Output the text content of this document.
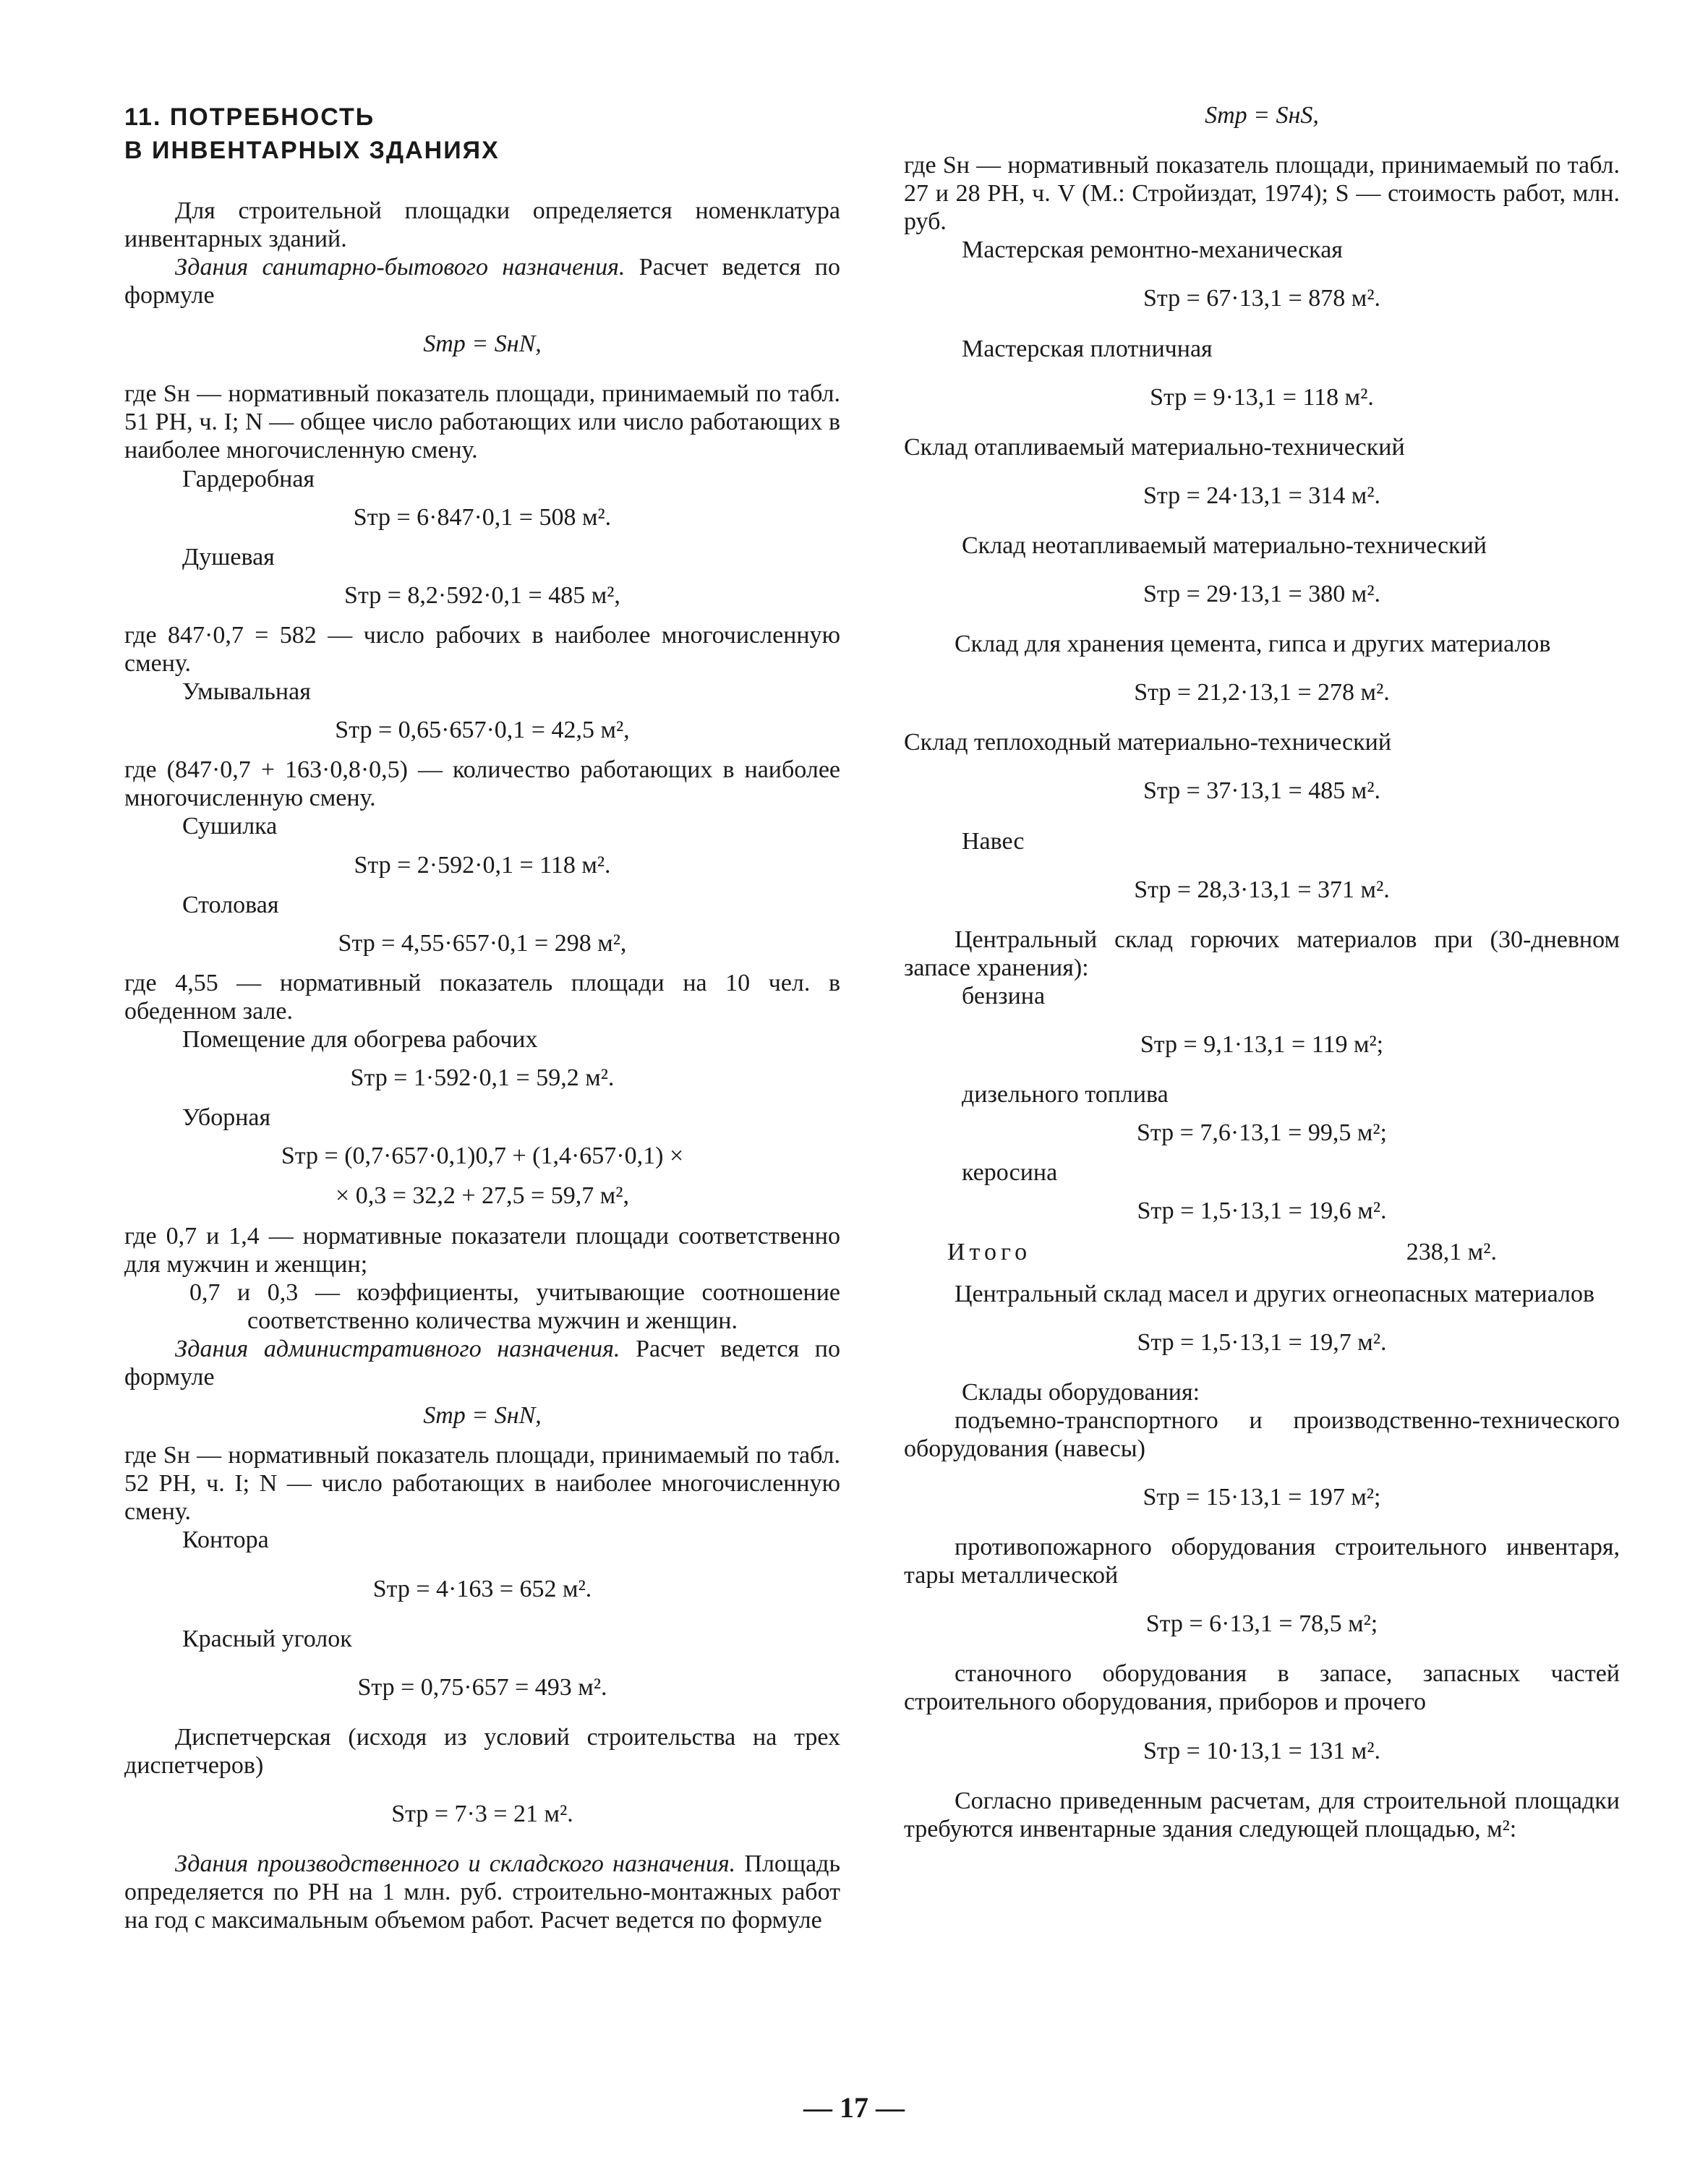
11. ПОТРЕБНОСТЬ
В ИНВЕНТАРНЫХ ЗДАНИЯХ

Для строительной площадки определяется номенклатура инвентарных зданий.

Здания санитарно-бытового назначения. Расчет ведется по формуле

Sтр = SнN,

где Sн — нормативный показатель площади, принимаемый по табл. 51 РН, ч. I; N — общее число работающих или число работающих в наиболее многочисленную смену.

Гардеробная

Sтр = 6·847·0,1 = 508 м².

Душевая

Sтр = 8,2·592·0,1 = 485 м²,

где 847·0,7 = 582 — число рабочих в наиболее многочисленную смену.

Умывальная

Sтр = 0,65·657·0,1 = 42,5 м²,

где (847·0,7 + 163·0,8·0,5) — количество работающих в наиболее многочисленную смену.

Сушилка

Sтр = 2·592·0,1 = 118 м².

Столовая

Sтр = 4,55·657·0,1 = 298 м²,

где 4,55 — нормативный показатель площади на 10 чел. в обеденном зале.

Помещение для обогрева рабочих

Sтр = 1·592·0,1 = 59,2 м².

Уборная

Sтр = (0,7·657·0,1)0,7 + (1,4·657·0,1) ×

× 0,3 = 32,2 + 27,5 = 59,7 м²,

где 0,7 и 1,4 — нормативные показатели площади соответственно для мужчин и женщин;

0,7 и 0,3 — коэффициенты, учитывающие соотношение соответственно количества мужчин и женщин.

Здания административного назначения. Расчет ведется по формуле

Sтр = SнN,

где Sн — нормативный показатель площади, принимаемый по табл. 52 РН, ч. I; N — число работающих в наиболее многочисленную смену.

Контора

Sтр = 4·163 = 652 м².

Красный уголок

Sтр = 0,75·657 = 493 м².

Диспетчерская (исходя из условий строительства на трех диспетчеров)

Sтр = 7·3 = 21 м².

Здания производственного и складского назначения. Площадь определяется по РН на 1 млн. руб. строительно-монтажных работ на год с максимальным объемом работ. Расчет ведется по формуле

Sтр = SнS,

где Sн — нормативный показатель площади, принимаемый по табл. 27 и 28 РН, ч. V (М.: Стройиздат, 1974); S — стоимость работ, млн. руб.

Мастерская ремонтно-механическая

Sтр = 67·13,1 = 878 м².

Мастерская плотничная

Sтр = 9·13,1 = 118 м².

Склад отапливаемый материально-технический

Sтр = 24·13,1 = 314 м².

Склад неотапливаемый материально-технический

Sтр = 29·13,1 = 380 м².

Склад для хранения цемента, гипса и других материалов

Sтр = 21,2·13,1 = 278 м².

Склад теплоходный материально-технический

Sтр = 37·13,1 = 485 м².

Навес

Sтр = 28,3·13,1 = 371 м².

Центральный склад горючих материалов при (30-дневном запасе хранения):

бензина

Sтр = 9,1·13,1 = 119 м²;

дизельного топлива

Sтр = 7,6·13,1 = 99,5 м²;

керосина

Sтр = 1,5·13,1 = 19,6 м².

Итого	238,1 м².

Центральный склад масел и других огнеопасных материалов

Sтр = 1,5·13,1 = 19,7 м².

Склады оборудования:

подъемно-транспортного и производственно-технического оборудования (навесы)

Sтр = 15·13,1 = 197 м²;

противопожарного оборудования строительного инвентаря, тары металлической

Sтр = 6·13,1 = 78,5 м²;

станочного оборудования в запасе, запасных частей строительного оборудования, приборов и прочего

Sтр = 10·13,1 = 131 м².

Согласно приведенным расчетам, для строительной площадки требуются инвентарные здания следующей площадью, м²:

— 17 —
